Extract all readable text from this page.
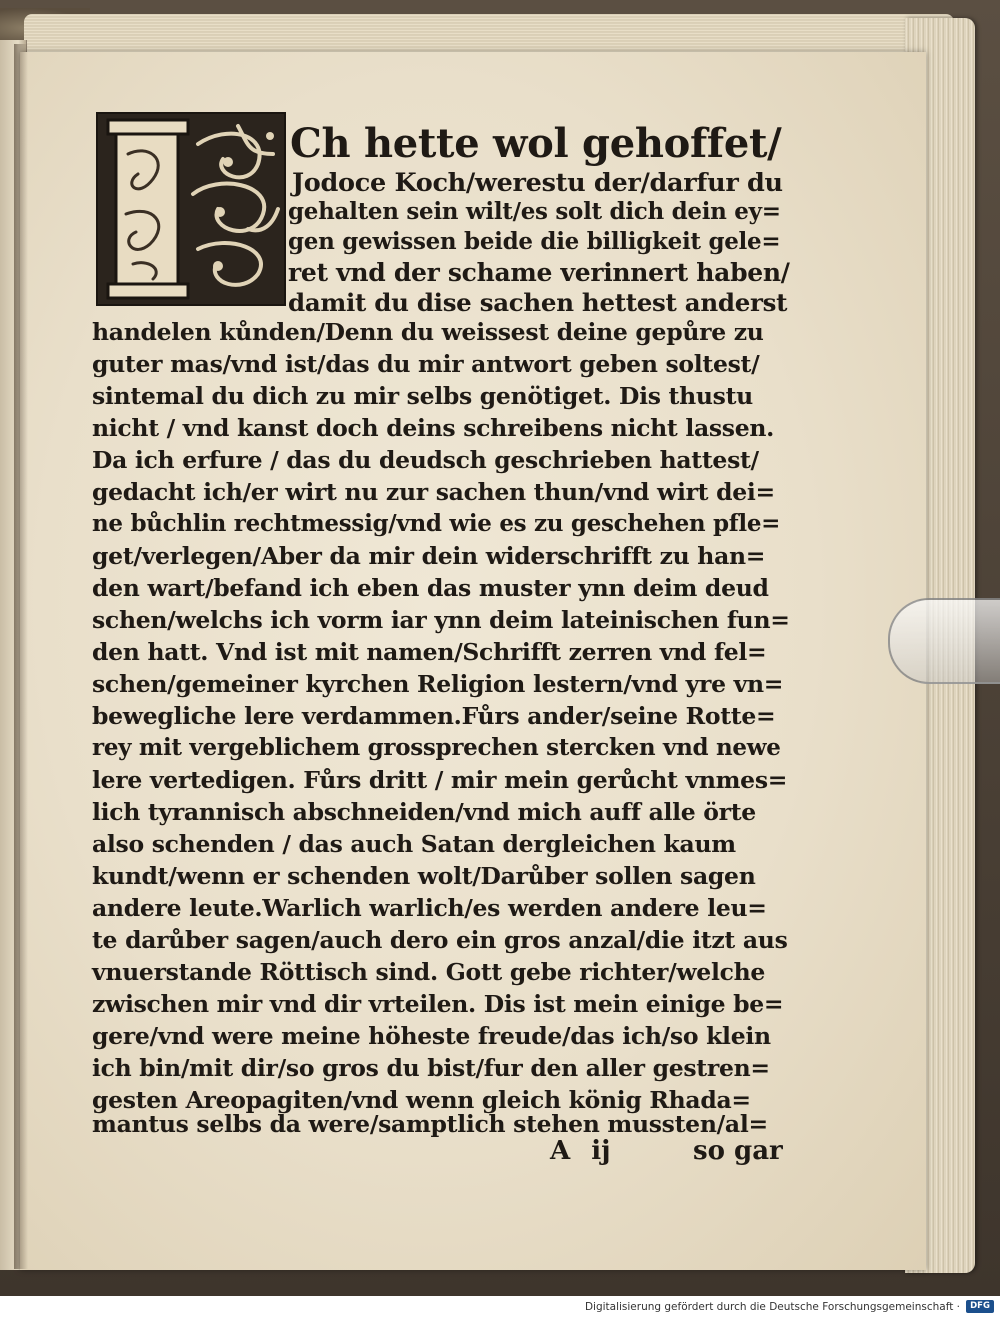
Ch hette wol gehoffet/
Jodoce Koch/werestu der/darfur du
gehalten sein wilt/es solt dich dein ey=
gen gewissen beide die billigkeit gele=
ret vnd der schame verinnert haben/
damit du dise sachen hettest anderst
handelen kůnden/Denn du weissest deine gepůre zu
guter mas/vnd ist/das du mir antwort geben soltest/
sintemal du dich zu mir selbs genötiget. Dis thustu
nicht / vnd kanst doch deins schreibens nicht lassen.
Da ich erfure / das du deudsch geschrieben hattest/
gedacht ich/er wirt nu zur sachen thun/vnd wirt dei=
ne bůchlin rechtmessig/vnd wie es zu geschehen pfle=
get/verlegen/Aber da mir dein widerschrifft zu han=
den wart/befand ich eben das muster ynn deim deud
schen/welchs ich vorm iar ynn deim lateinischen fun=
den hatt. Vnd ist mit namen/Schrifft zerren vnd fel=
schen/gemeiner kyrchen Religion lestern/vnd yre vn=
bewegliche lere verdammen.Fůrs ander/seine Rotte=
rey mit vergeblichem grossprechen stercken vnd newe
lere vertedigen. Fůrs dritt / mir mein gerůcht vnmes=
lich tyrannisch abschneiden/vnd mich auff alle örte
also schenden / das auch Satan dergleichen kaum
kundt/wenn er schenden wolt/Darůber sollen sagen
andere leute.Warlich warlich/es werden andere leu=
te darůber sagen/auch dero ein gros anzal/die itzt aus
vnuerstande Röttisch sind. Gott gebe richter/welche
zwischen mir vnd dir vrteilen. Dis ist mein einige be=
gere/vnd were meine höheste freude/das ich/so klein
ich bin/mit dir/so gros du bist/fur den aller gestren=
gesten Areopagiten/vnd wenn gleich könig Rhada=
mantus selbs da were/samptlich stehen mussten/al=
A ij	so gar
Digitalisierung gefördert durch die Deutsche Forschungsgemeinschaft ·	DFG
